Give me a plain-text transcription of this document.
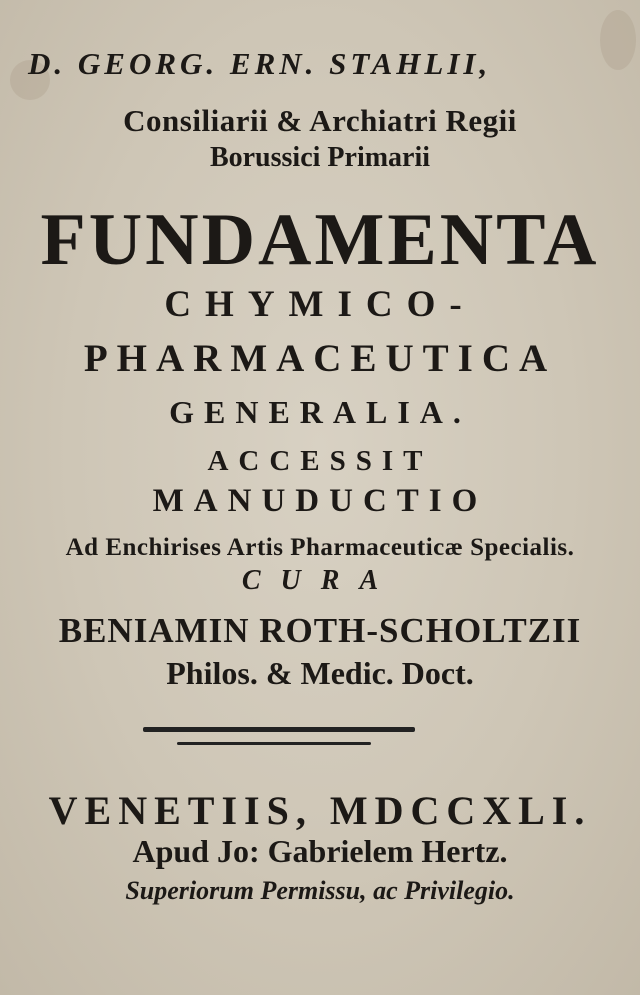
D. GEORG. ERN. STAHLII,
Consiliarii & Archiatri Regii
Borussici Primarii
FUNDAMENTA
CHYMICO-
PHARMACEUTICA
GENERALIA.
ACCESSIT
MANUDUCTIO
Ad Enchirises Artis Pharmaceuticæ Specialis.
CURA
BENIAMIN ROTH-SCHOLTZII
Philos. & Medic. Doct.
VENETIIS, MDCCXLI.
Apud Jo: Gabrielem Hertz.
Superiorum Permissu, ac Privilegio.
